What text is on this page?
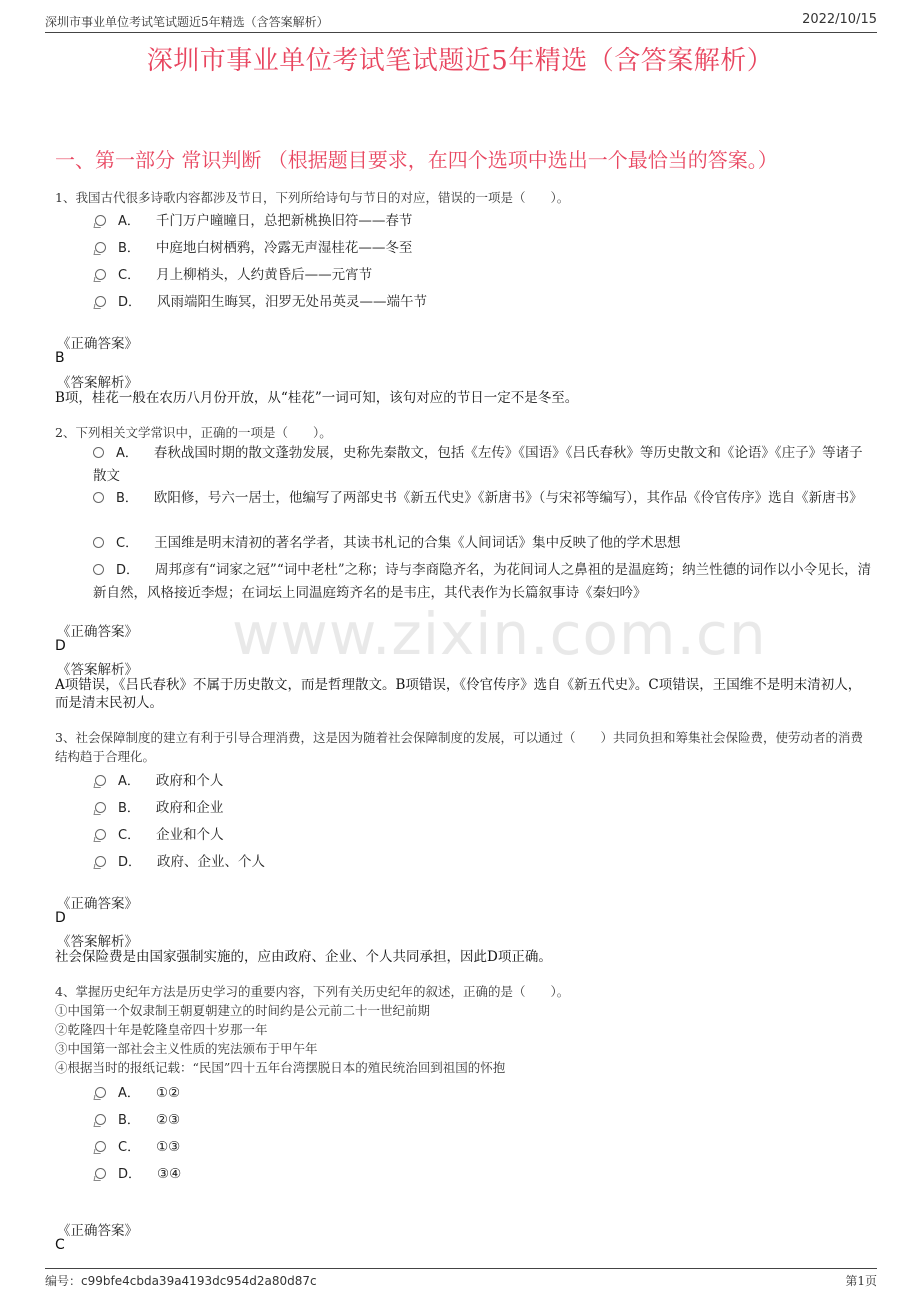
深圳市事业单位考试笔试题近5年精选（含答案解析）	2022/10/15
深圳市事业单位考试笔试题近5年精选（含答案解析）
一、第一部分 常识判断 （根据题目要求，在四个选项中选出一个最恰当的答案。）
www.zixin.com.cn
1、我国古代很多诗歌内容都涉及节日，下列所给诗句与节日的对应，错误的一项是（　　）。
A． 千门万户曈曈日，总把新桃换旧符——春节
B． 中庭地白树栖鸦，冷露无声湿桂花——冬至
C． 月上柳梢头，人约黄昏后——元宵节
D． 风雨端阳生晦冥，汨罗无处吊英灵——端午节
《正确答案》
B
《答案解析》
B项，桂花一般在农历八月份开放，从“桂花”一词可知，该句对应的节日一定不是冬至。
2、下列相关文学常识中，正确的一项是（　　）。
A． 春秋战国时期的散文蓬勃发展，史称先秦散文，包括《左传》《国语》《吕氏春秋》等历史散文和《论语》《庄子》等诸子散文
B． 欧阳修，号六一居士，他编写了两部史书《新五代史》《新唐书》（与宋祁等编写），其作品《伶官传序》选自《新唐书》
C． 王国维是明末清初的著名学者，其读书札记的合集《人间词话》集中反映了他的学术思想
D． 周邦彦有“词家之冠”“词中老杜”之称；诗与李商隐齐名，为花间词人之鼻祖的是温庭筠；纳兰性德的词作以小令见长，清新自然，风格接近李煜；在词坛上同温庭筠齐名的是韦庄，其代表作为长篇叙事诗《秦妇吟》
《正确答案》
D
《答案解析》
A项错误，《吕氏春秋》不属于历史散文，而是哲理散文。B项错误，《伶官传序》选自《新五代史》。C项错误，王国维不是明末清初人，而是清末民初人。
3、社会保障制度的建立有利于引导合理消费，这是因为随着社会保障制度的发展，可以通过（　　）共同负担和筹集社会保险费，使劳动者的消费结构趋于合理化。
A． 政府和个人
B． 政府和企业
C． 企业和个人
D． 政府、企业、个人
《正确答案》
D
《答案解析》
社会保险费是由国家强制实施的，应由政府、企业、个人共同承担，因此D项正确。
4、掌握历史纪年方法是历史学习的重要内容，下列有关历史纪年的叙述，正确的是（　　）。
①中国第一个奴隶制王朝夏朝建立的时间约是公元前二十一世纪前期
②乾隆四十年是乾隆皇帝四十岁那一年
③中国第一部社会主义性质的宪法颁布于甲午年
④根据当时的报纸记载：“民国”四十五年台湾摆脱日本的殖民统治回到祖国的怀抱
A． ①②
B． ②③
C． ①③
D． ③④
《正确答案》
C
编号：c99bfe4cbda39a4193dc954d2a80d87c	第1页
